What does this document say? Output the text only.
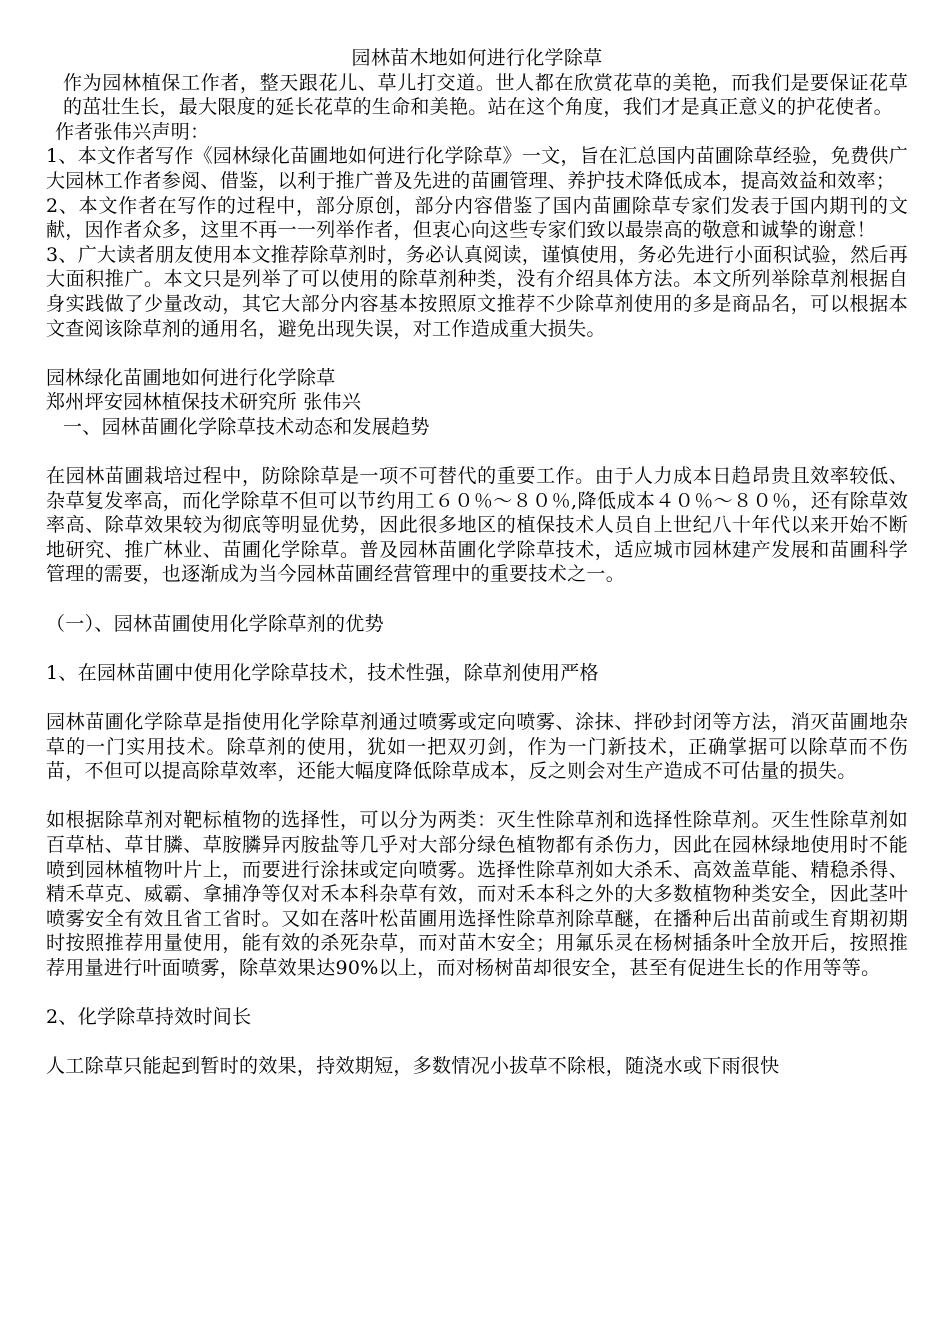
园林苗木地如何进行化学除草

作为园林植保工作者，整天跟花儿、草儿打交道。世人都在欣赏花草的美艳，而我们是要保证花草的茁壮生长，最大限度的延长花草的生命和美艳。站在这个角度，我们才是真正意义的护花使者。

作者张伟兴声明：

1、本文作者写作《园林绿化苗圃地如何进行化学除草》一文，旨在汇总国内苗圃除草经验，免费供广大园林工作者参阅、借鉴，以利于推广普及先进的苗圃管理、养护技术降低成本，提高效益和效率；

2、本文作者在写作的过程中，部分原创，部分内容借鉴了国内苗圃除草专家们发表于国内期刊的文献，因作者众多，这里不再一一列举作者，但衷心向这些专家们致以最崇高的敬意和诚挚的谢意！

3、广大读者朋友使用本文推荐除草剂时，务必认真阅读，谨慎使用，务必先进行小面积试验，然后再大面积推广。本文只是列举了可以使用的除草剂种类，没有介绍具体方法。本文所列举除草剂根据自身实践做了少量改动，其它大部分内容基本按照原文推荐不少除草剂使用的多是商品名，可以根据本文查阅该除草剂的通用名，避免出现失误，对工作造成重大损失。

园林绿化苗圃地如何进行化学除草

郑州坪安园林植保技术研究所 张伟兴

一、园林苗圃化学除草技术动态和发展趋势

在园林苗圃栽培过程中，防除除草是一项不可替代的重要工作。由于人力成本日趋昂贵且效率较低、杂草复发率高，而化学除草不但可以节约用工６０％～８０％,降低成本４０％～８０％，还有除草效率高、除草效果较为彻底等明显优势，因此很多地区的植保技术人员自上世纪八十年代以来开始不断地研究、推广林业、苗圃化学除草。普及园林苗圃化学除草技术，适应城市园林建产发展和苗圃科学管理的需要，也逐渐成为当今园林苗圃经营管理中的重要技术之一。

（一）、园林苗圃使用化学除草剂的优势

1、在园林苗圃中使用化学除草技术，技术性强，除草剂使用严格

园林苗圃化学除草是指使用化学除草剂通过喷雾或定向喷雾、涂抹、拌砂封闭等方法，消灭苗圃地杂草的一门实用技术。除草剂的使用，犹如一把双刃剑，作为一门新技术，正确掌据可以除草而不伤苗，不但可以提高除草效率，还能大幅度降低除草成本，反之则会对生产造成不可估量的损失。

如根据除草剂对靶标植物的选择性，可以分为两类：灭生性除草剂和选择性除草剂。灭生性除草剂如百草枯、草甘膦、草胺膦异丙胺盐等几乎对大部分绿色植物都有杀伤力，因此在园林绿地使用时不能喷到园林植物叶片上，而要进行涂抹或定向喷雾。选择性除草剂如大杀禾、高效盖草能、精稳杀得、精禾草克、威霸、拿捕净等仅对禾本科杂草有效，而对禾本科之外的大多数植物种类安全，因此茎叶喷雾安全有效且省工省时。又如在落叶松苗圃用选择性除草剂除草醚，在播种后出苗前或生育期初期时按照推荐用量使用，能有效的杀死杂草，而对苗木安全；用氟乐灵在杨树插条叶全放开后，按照推荐用量进行叶面喷雾，除草效果达90%以上，而对杨树苗却很安全，甚至有促进生长的作用等等。

2、化学除草持效时间长

人工除草只能起到暂时的效果，持效期短，多数情况小拔草不除根，随浇水或下雨很快
